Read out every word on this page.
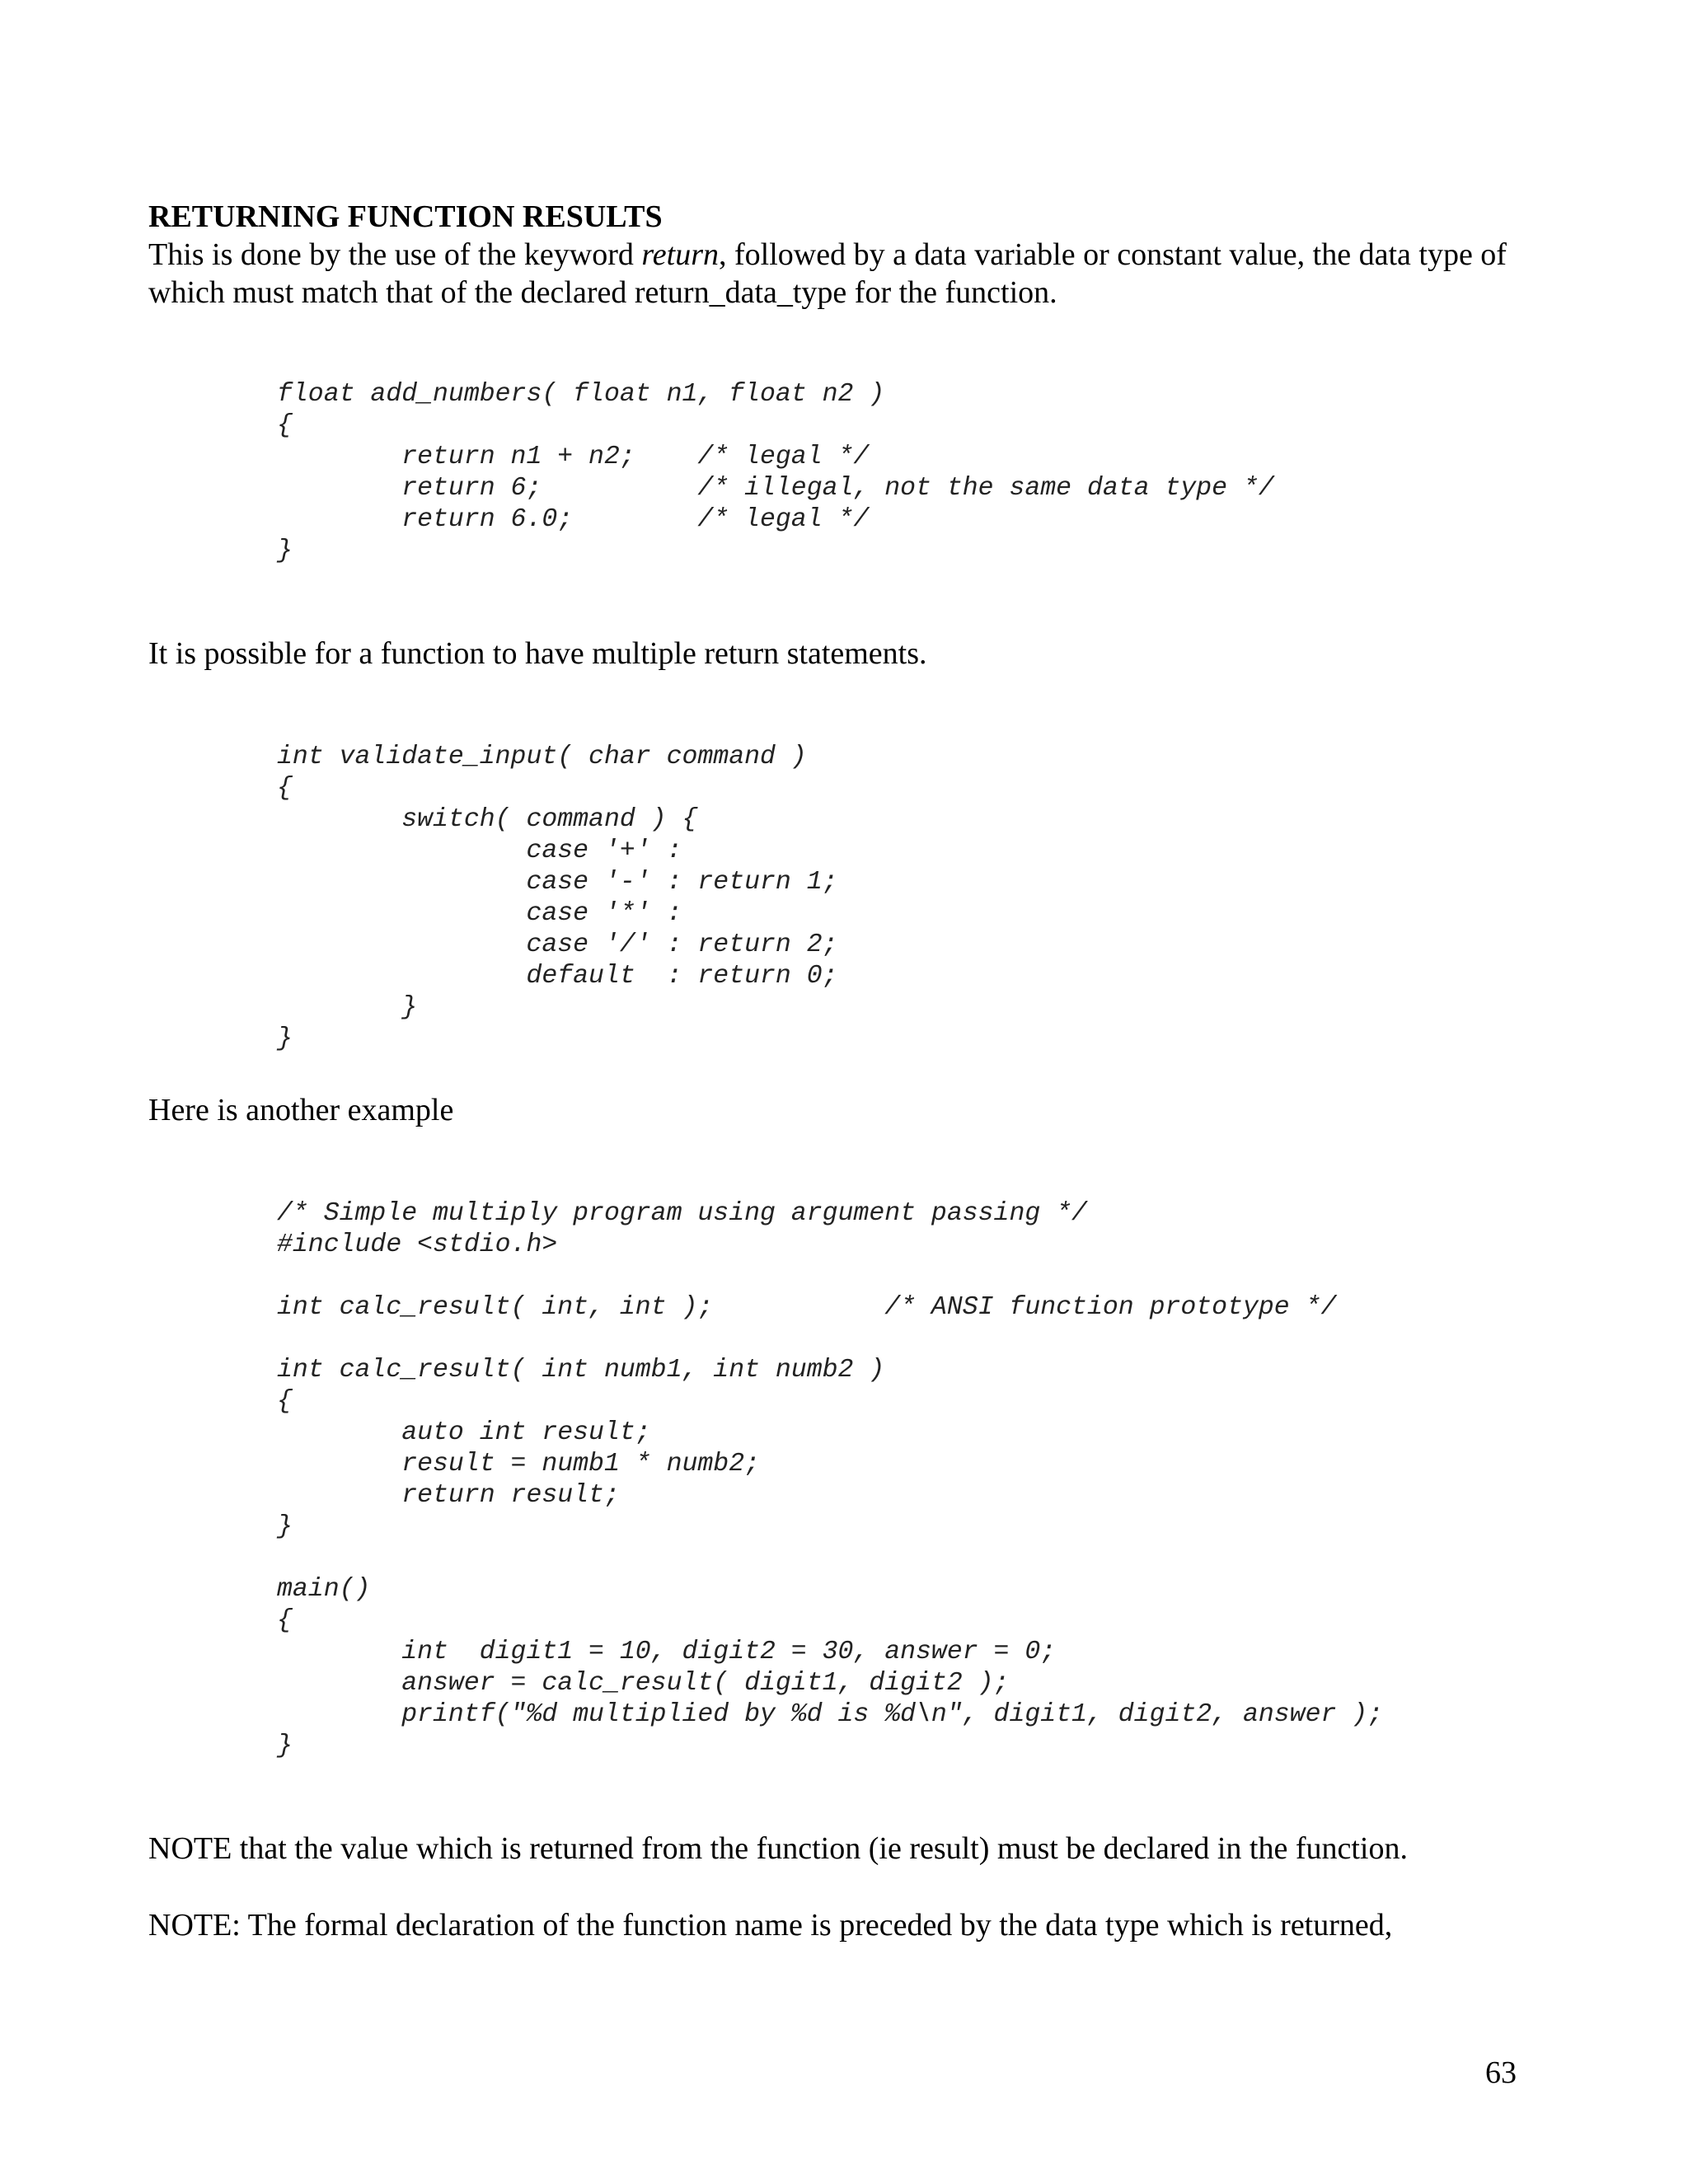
RETURNING FUNCTION RESULTS
This is done by the use of the keyword return, followed by a data variable or constant value, the data type of which must match that of the declared return_data_type for the function.
float add_numbers( float n1, float n2 )
{
return n1 + n2;    /* legal */
return 6;          /* illegal, not the same data type */
return 6.0;        /* legal */
}

It is possible for a function to have multiple return statements.

int validate_input( char command )
{
switch( command ) {
case '+' :
case '-' : return 1;
case '*' :
case '/' : return 2;
default  : return 0;
}
}

Here is another example

/* Simple multiply program using argument passing */
#include <stdio.h>

int calc_result( int, int );           /* ANSI function prototype */

int calc_result( int numb1, int numb2 )
{
auto int result;
result = numb1 * numb2;
return result;
}

main()
{
int  digit1 = 10, digit2 = 30, answer = 0;
answer = calc_result( digit1, digit2 );
printf("%d multiplied by %d is %d\n", digit1, digit2, answer );
}

NOTE that the value which is returned from the function (ie result) must be declared in the function.

NOTE: The formal declaration of the function name is preceded by the data type which is returned,

63
